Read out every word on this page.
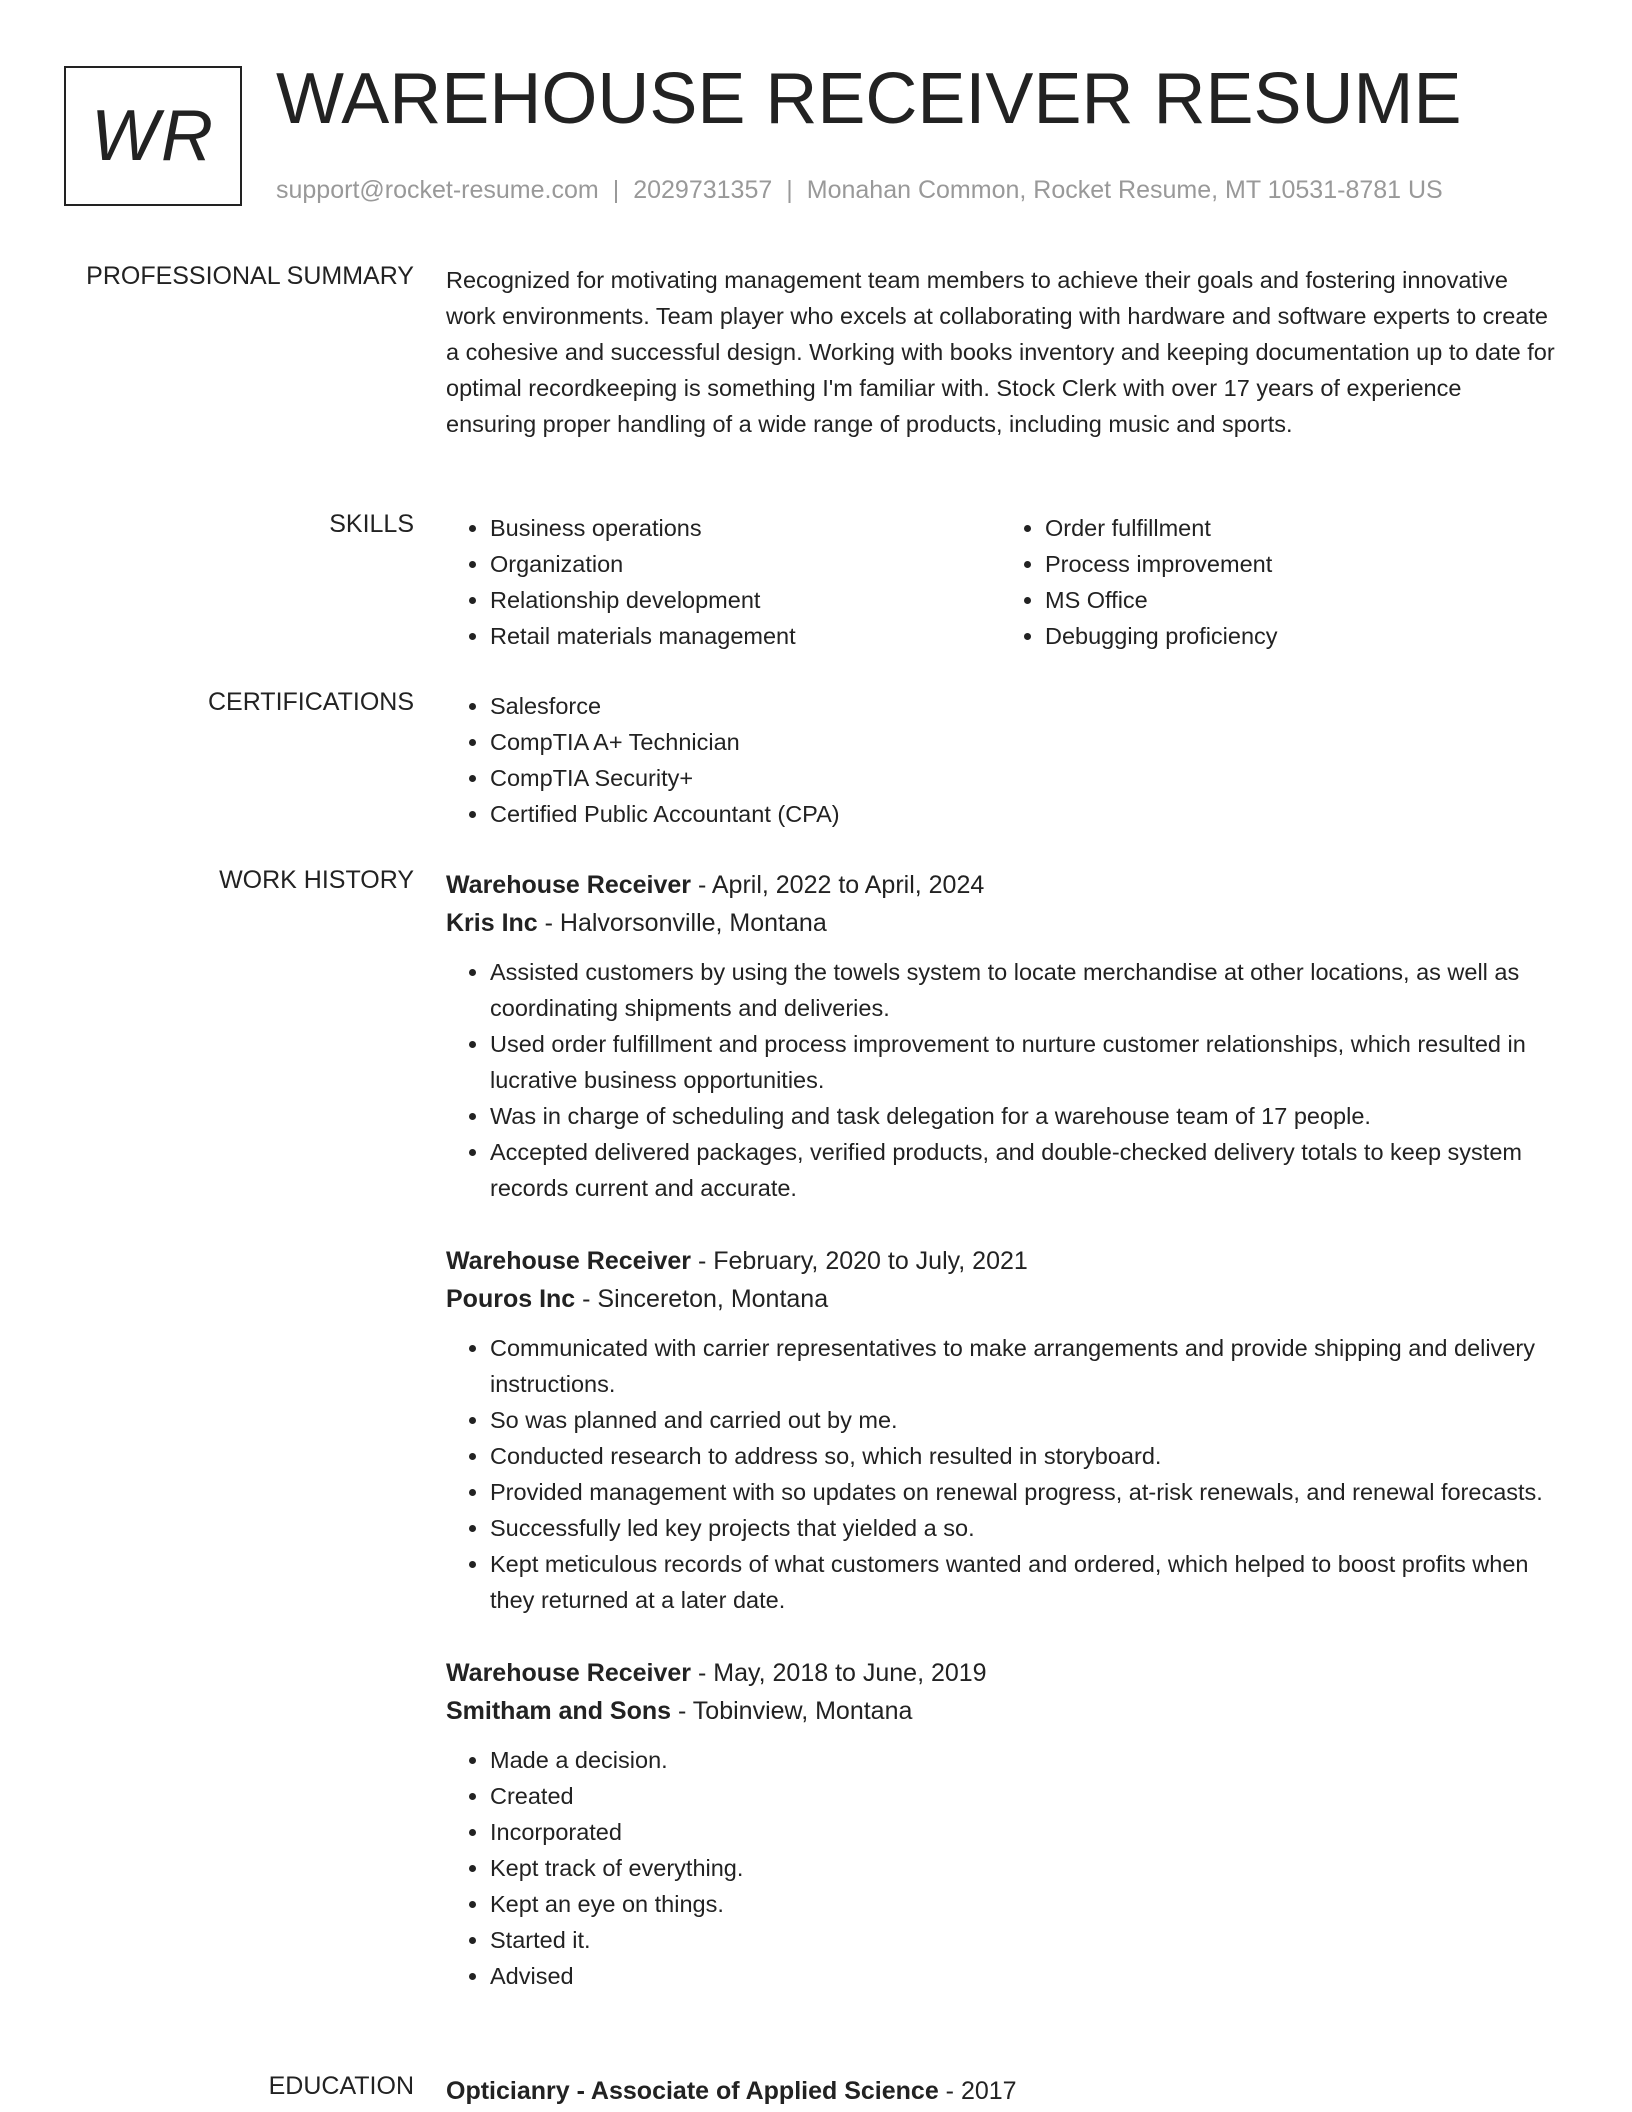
WR WAREHOUSE RECEIVER RESUME
support@rocket-resume.com | 2029731357 | Monahan Common, Rocket Resume, MT 10531-8781 US
PROFESSIONAL SUMMARY Recognized for motivating management team members to achieve their goals and fostering innovative work environments. Team player who excels at collaborating with hardware and software experts to create a cohesive and successful design. Working with books inventory and keeping documentation up to date for optimal recordkeeping is something I'm familiar with. Stock Clerk with over 17 years of experience ensuring proper handling of a wide range of products, including music and sports.

SKILLS	• Business operations
• Organization
• Relationship development
• Retail materials management
• Order fulfillment
• Process improvement
• MS Office
• Debugging proficiency
CERTIFICATIONS	• Salesforce
• CompTIA A+ Technician
• CompTIA Security+
• Certified Public Accountant (CPA)
WORK HISTORY Warehouse Receiver - April, 2022 to April, 2024
Kris Inc - Halvorsonville, Montana
• Assisted customers by using the towels system to locate merchandise at other locations, as well as coordinating shipments and deliveries.
• Used order fulfillment and process improvement to nurture customer relationships, which resulted in lucrative business opportunities.
• Was in charge of scheduling and task delegation for a warehouse team of 17 people.
• Accepted delivered packages, verified products, and double-checked delivery totals to keep system records current and accurate.
Warehouse Receiver - February, 2020 to July, 2021
Pouros Inc - Sincereton, Montana
• Communicated with carrier representatives to make arrangements and provide shipping and delivery instructions.
• So was planned and carried out by me.
• Conducted research to address so, which resulted in storyboard.
• Provided management with so updates on renewal progress, at-risk renewals, and renewal forecasts.
• Successfully led key projects that yielded a so.
• Kept meticulous records of what customers wanted and ordered, which helped to boost profits when they returned at a later date.
Warehouse Receiver - May, 2018 to June, 2019
Smitham and Sons - Tobinview, Montana
• Made a decision.
• Created
• Incorporated
• Kept track of everything.
• Kept an eye on things.
• Started it.
• Advised
EDUCATION Opticianry - Associate of Applied Science - 2017
